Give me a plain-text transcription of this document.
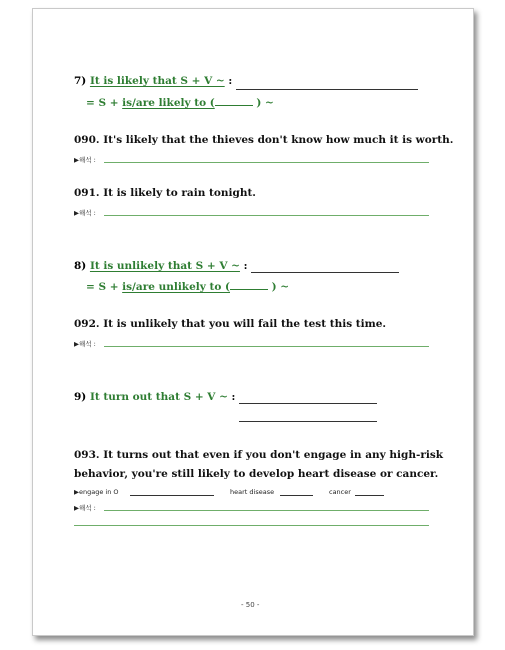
7) It is likely that S + V ~ :
= S + is/are likely to (	) ~
090. It's likely that the thieves don't know how much it is worth.
▶해석 :
091. It is likely to rain tonight.
▶해석 :
8) It is unlikely that S + V ~ :
= S + is/are unlikely to (	) ~
092. It is unlikely that you will fail the test this time.
▶해석 :
9) It turn out that S + V ~ :
093. It turns out that even if you don't engage in any high-risk
behavior, you're still likely to develop heart disease or cancer.
▶engage in O	heart disease	cancer
▶해석 :
- 50 -
